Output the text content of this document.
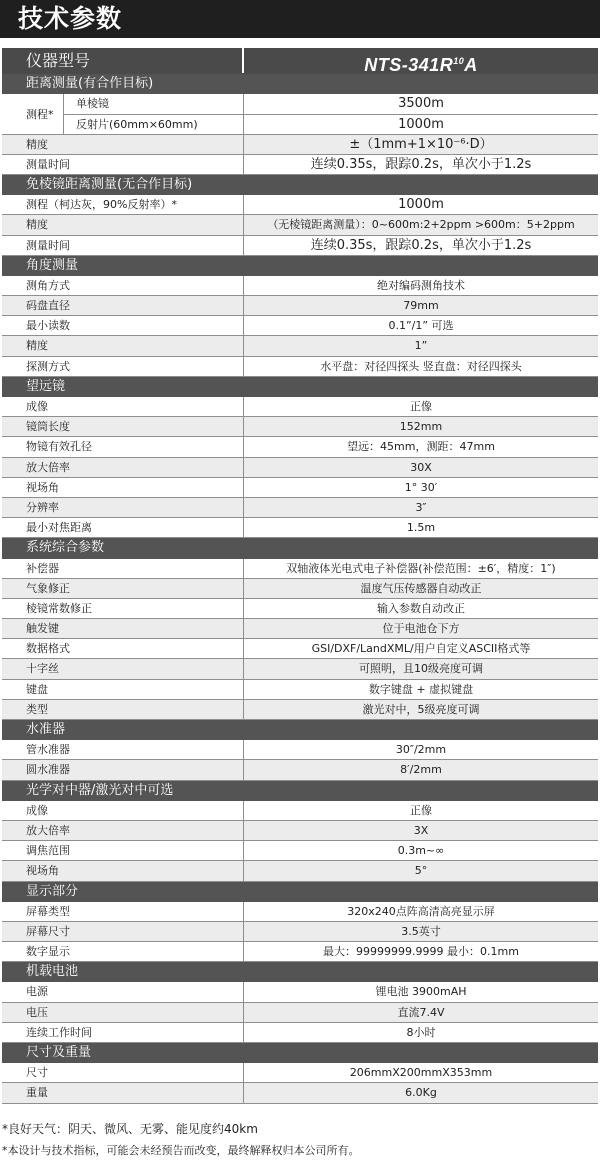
技术参数
仪器型号	NTS-$341R^{10}A$
距离测量(有合作目标)
测程*
单棱镜	3500m
反射片(60mm×60mm)	1000m
精度	±（1mm+1×10⁻⁶·D）
测量时间	连续0.35s，跟踪0.2s，单次小于1.2s
免棱镜距离测量(无合作目标)
测程（柯达灰，90%反射率）*	1000m
精度	（无棱镜距离测量）：0~600m:2+2ppm >600m：5+2ppm
测量时间	连续0.35s，跟踪0.2s，单次小于1.2s
角度测量
测角方式	绝对编码测角技术
码盘直径	79mm
最小读数	0.1”/1” 可选
精度	1”
探测方式	水平盘：对径四探头 竖直盘：对径四探头
望远镜
成像	正像
镜筒长度	152mm
物镜有效孔径	望远：45mm，测距：47mm
放大倍率	30X
视场角	1° 30′
分辨率	3″
最小对焦距离	1.5m
系统综合参数
补偿器	双轴液体光电式电子补偿器(补偿范围：±6′，精度：1″)
气象修正	温度气压传感器自动改正
棱镜常数修正	输入参数自动改正
触发键	位于电池仓下方
数据格式	GSI/DXF/LandXML/用户自定义ASCII格式等
十字丝	可照明，且10级亮度可调
键盘	数字键盘 + 虚拟键盘
类型	激光对中，5级亮度可调
水准器
管水准器	30″/2mm
圆水准器	8′/2mm
光学对中器/激光对中可选
成像	正像
放大倍率	3X
调焦范围	0.3m~∞
视场角	5°
显示部分
屏幕类型	320x240点阵高清高亮显示屏
屏幕尺寸	3.5英寸
数字显示	最大：99999999.9999 最小：0.1mm
机载电池
电源	锂电池 3900mAH
电压	直流7.4V
连续工作时间	8小时
尺寸及重量
尺寸	206mmX200mmX353mm
重量	6.0Kg
*良好天气：阴天、微风、无雾、能见度约40km
*本设计与技术指标，可能会未经预告而改变，最终解释权归本公司所有。
